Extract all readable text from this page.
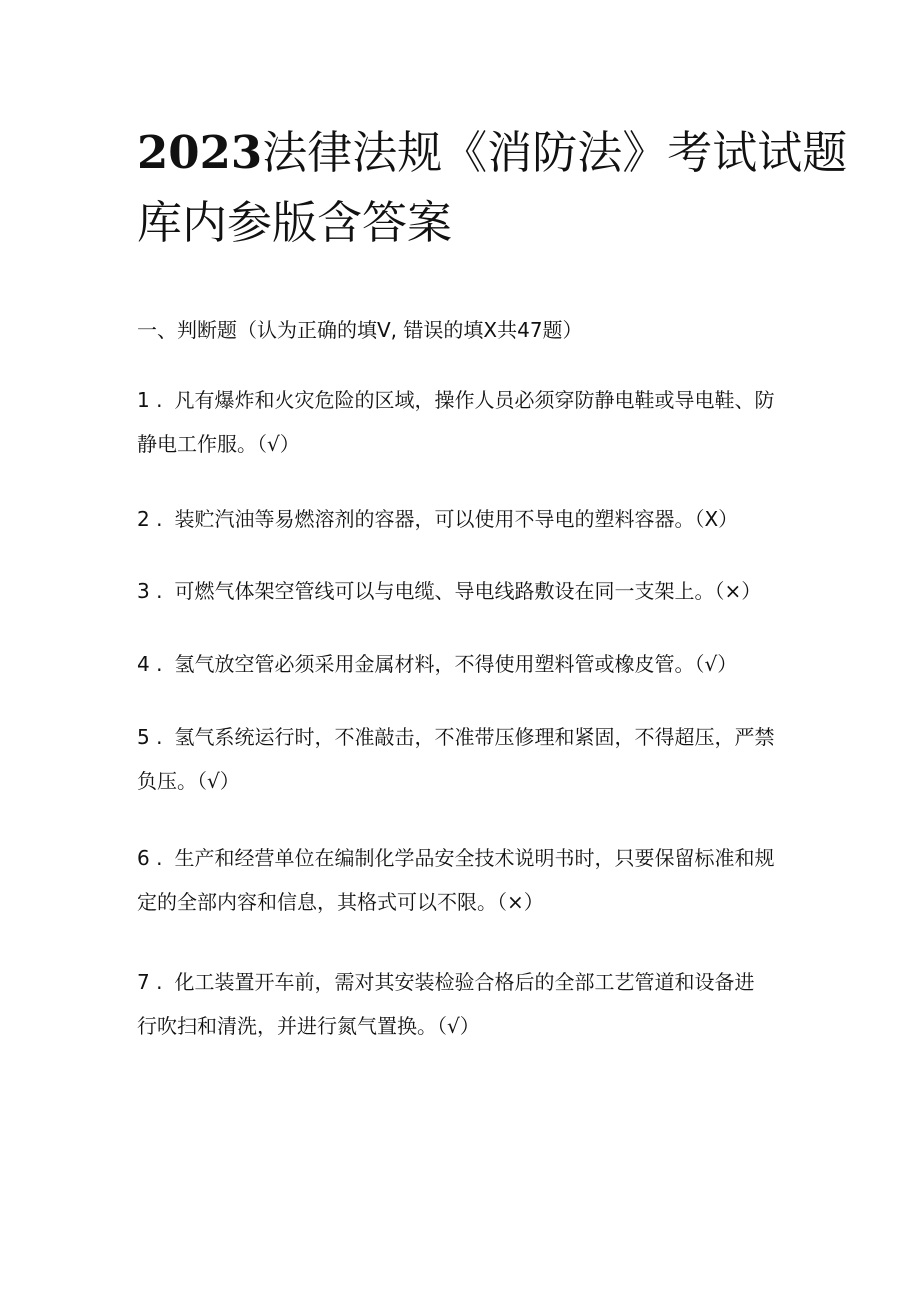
2023法律法规《消防法》考试试题
库内参版含答案

一、判断题（认为正确的填V, 错误的填X共47题）

1 . 凡有爆炸和火灾危险的区域，操作人员必须穿防静电鞋或导电鞋、防
静电工作服。（√）
2 . 装贮汽油等易燃溶剂的容器，可以使用不导电的塑料容器。（X）
3 . 可燃气体架空管线可以与电缆、导电线路敷设在同一支架上。（×）
4 . 氢气放空管必须采用金属材料，不得使用塑料管或橡皮管。（√）
5 . 氢气系统运行时，不准敲击，不准带压修理和紧固，不得超压，严禁
负压。（√）
6 . 生产和经营单位在编制化学品安全技术说明书时，只要保留标准和规
定的全部内容和信息，其格式可以不限。（×）
7 . 化工装置开车前，需对其安装检验合格后的全部工艺管道和设备进
行吹扫和清洗，并进行氮气置换。（√）
